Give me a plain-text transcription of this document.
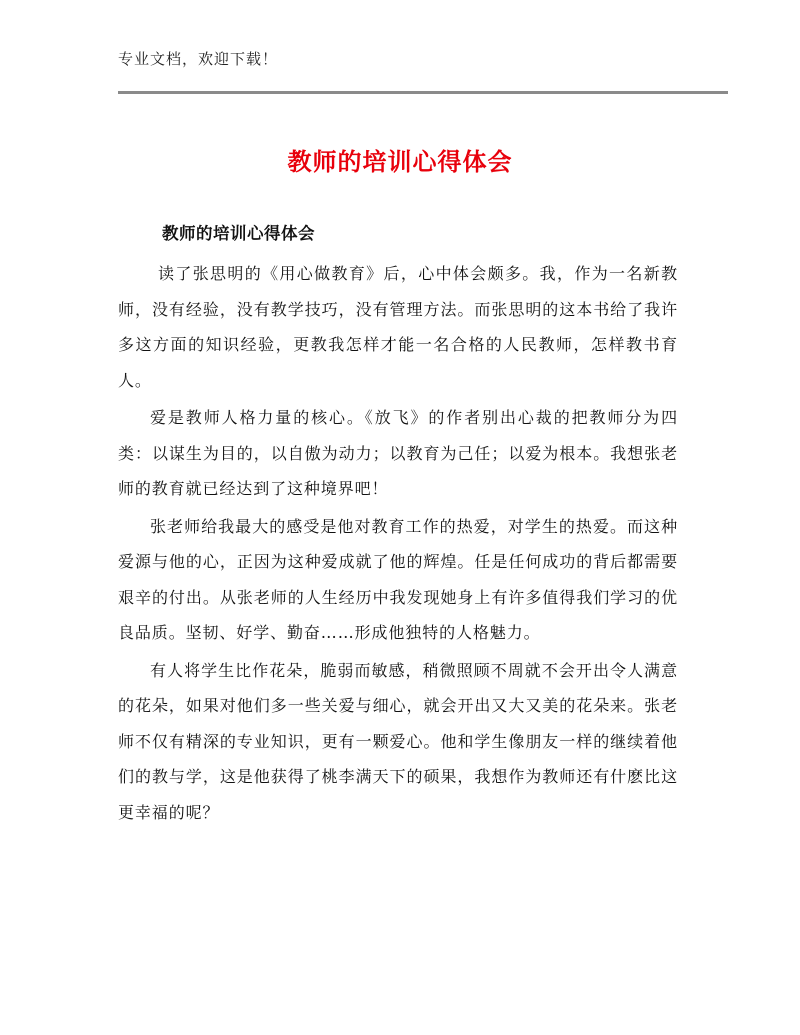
专业文档，欢迎下载！
教师的培训心得体会
教师的培训心得体会

读了张思明的《用心做教育》后，心中体会颇多。我，作为一名新教师，没有经验，没有教学技巧，没有管理方法。而张思明的这本书给了我许多这方面的知识经验，更教我怎样才能一名合格的人民教师，怎样教书育人。

爱是教师人格力量的核心。《放飞》的作者别出心裁的把教师分为四类：以谋生为目的，以自傲为动力；以教育为己任；以爱为根本。我想张老师的教育就已经达到了这种境界吧！

张老师给我最大的感受是他对教育工作的热爱，对学生的热爱。而这种爱源与他的心，正因为这种爱成就了他的辉煌。任是任何成功的背后都需要艰辛的付出。从张老师的人生经历中我发现她身上有许多值得我们学习的优良品质。坚韧、好学、勤奋……形成他独特的人格魅力。

有人将学生比作花朵，脆弱而敏感，稍微照顾不周就不会开出令人满意的花朵，如果对他们多一些关爱与细心，就会开出又大又美的花朵来。张老师不仅有精深的专业知识，更有一颗爱心。他和学生像朋友一样的继续着他们的教与学，这是他获得了桃李满天下的硕果，我想作为教师还有什麽比这更幸福的呢？
